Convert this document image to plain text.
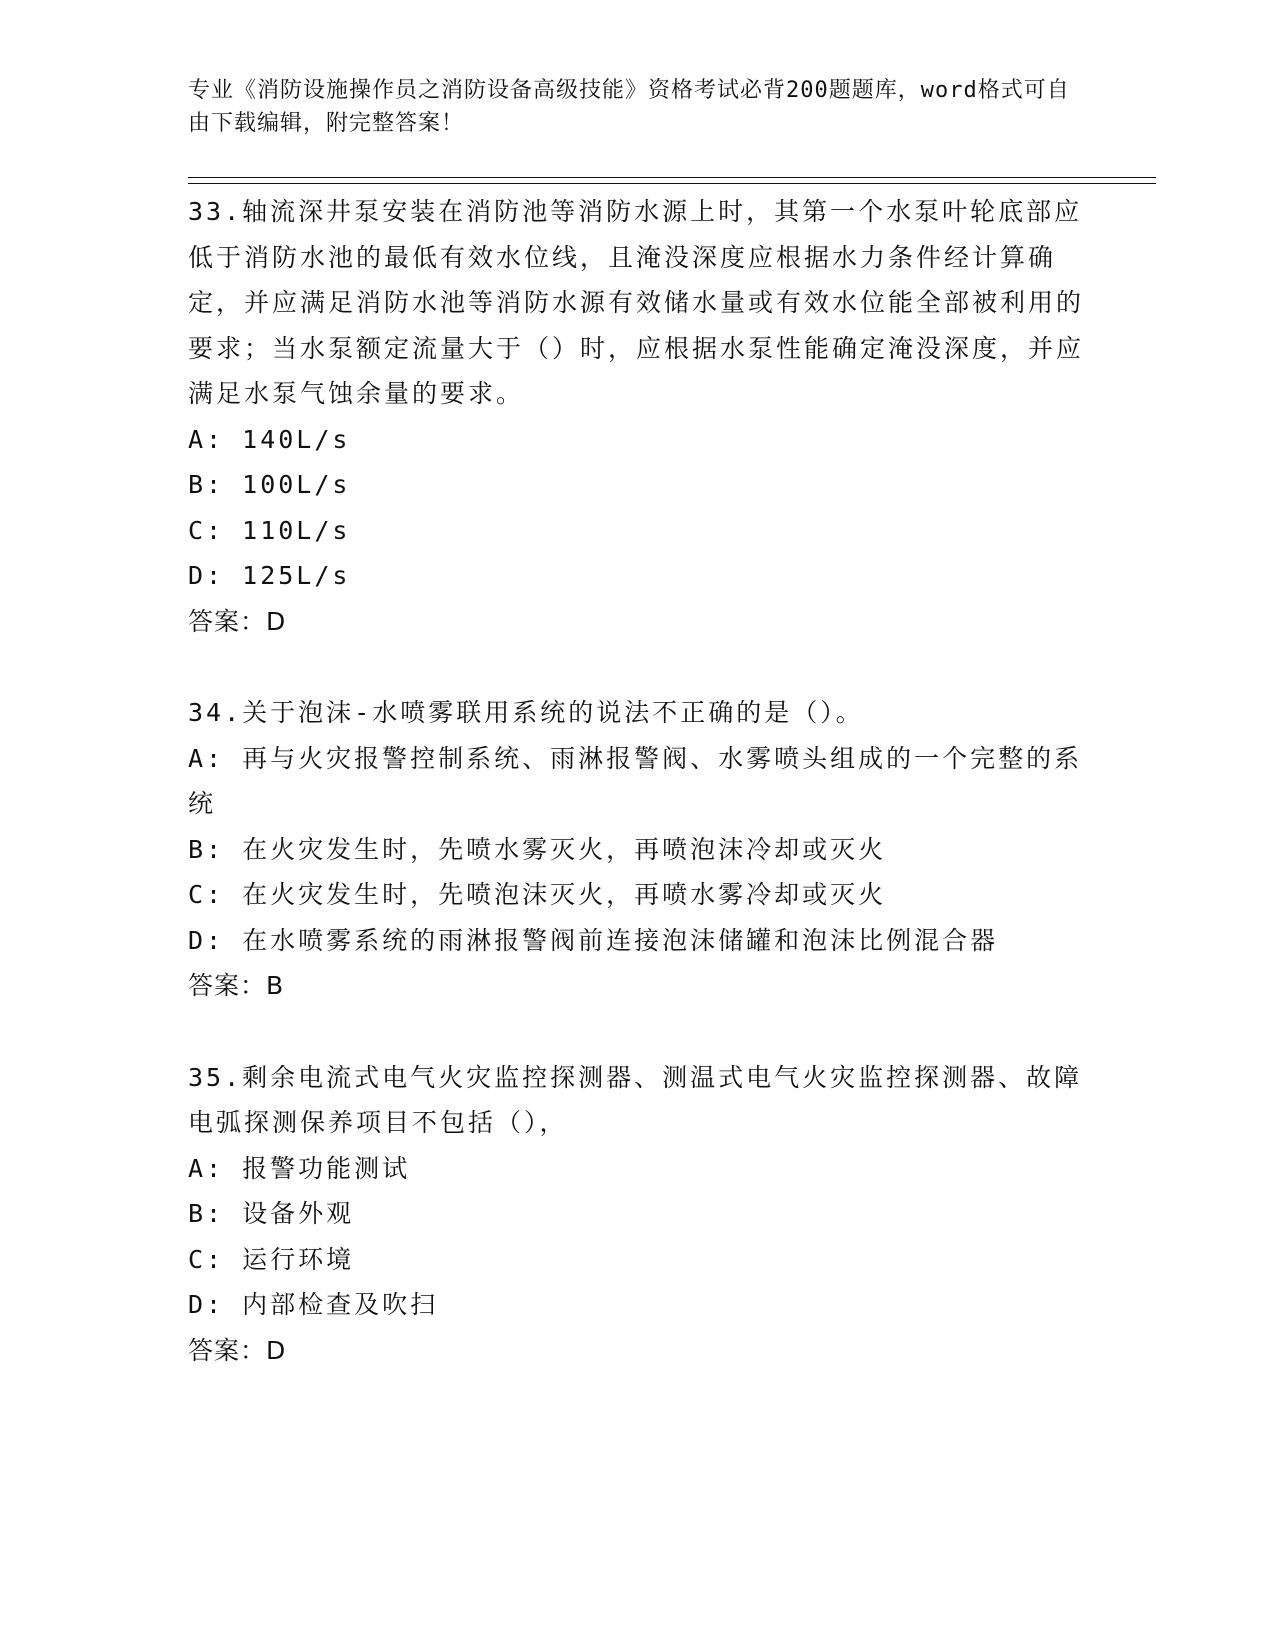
专业《消防设施操作员之消防设备高级技能》资格考试必背200题题库，word格式可自由下载编辑，附完整答案！
33.轴流深井泵安装在消防池等消防水源上时，其第一个水泵叶轮底部应低于消防水池的最低有效水位线，且淹没深度应根据水力条件经计算确定，并应满足消防水池等消防水源有效储水量或有效水位能全部被利用的要求；当水泵额定流量大于（）时，应根据水泵性能确定淹没深度，并应满足水泵气蚀余量的要求。
A: 140L/s
B: 100L/s
C: 110L/s
D: 125L/s
答案：D
34.关于泡沫-水喷雾联用系统的说法不正确的是（）。
A: 再与火灾报警控制系统、雨淋报警阀、水雾喷头组成的一个完整的系统
B: 在火灾发生时，先喷水雾灭火，再喷泡沫冷却或灭火
C: 在火灾发生时，先喷泡沫灭火，再喷水雾冷却或灭火
D: 在水喷雾系统的雨淋报警阀前连接泡沫储罐和泡沫比例混合器
答案：B
35.剩余电流式电气火灾监控探测器、测温式电气火灾监控探测器、故障电弧探测保养项目不包括（），
A: 报警功能测试
B: 设备外观
C: 运行环境
D: 内部检查及吹扫
答案：D
